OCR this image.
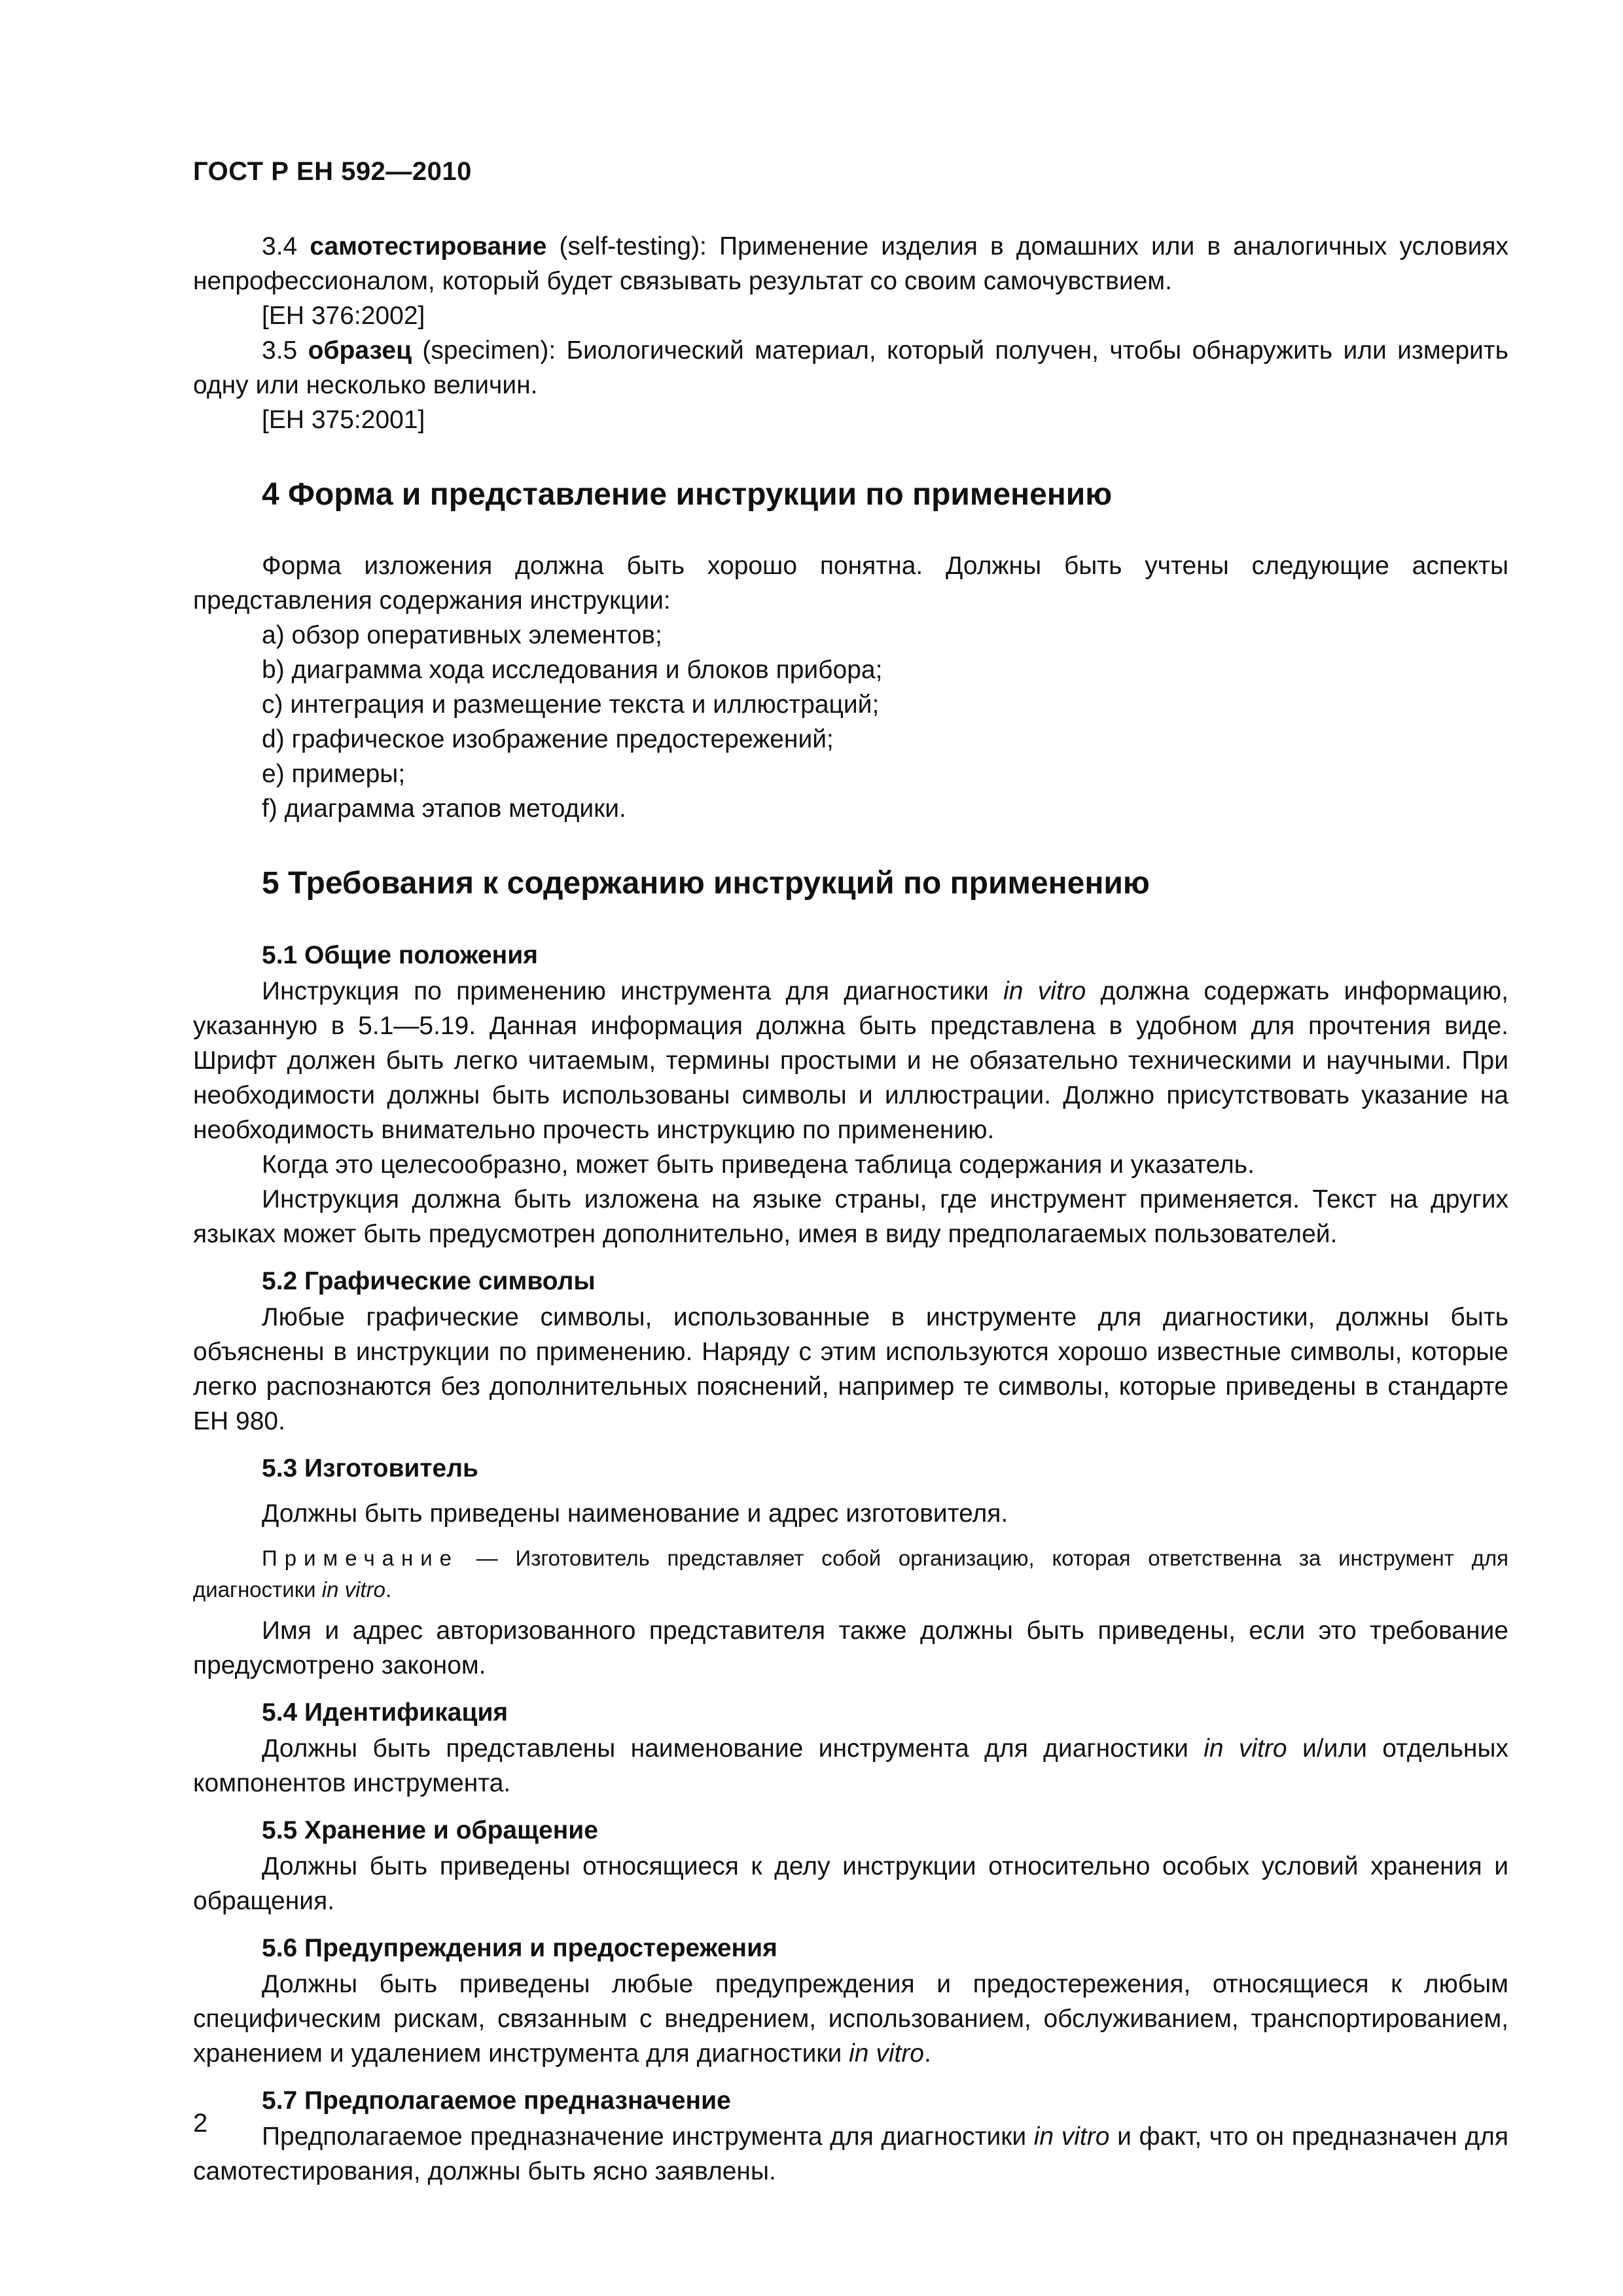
ГОСТ Р ЕН 592—2010

3.4 самотестирование (self-testing): Применение изделия в домашних или в аналогичных условиях непрофессионалом, который будет связывать результат со своим самочувствием.

[ЕН 376:2002]

3.5 образец (specimen): Биологический материал, который получен, чтобы обнаружить или измерить одну или несколько величин.

[ЕН 375:2001]

4 Форма и представление инструкции по применению

Форма изложения должна быть хорошо понятна. Должны быть учтены следующие аспекты представления содержания инструкции:

a) обзор оперативных элементов;

b) диаграмма хода исследования и блоков прибора;

c) интеграция и размещение текста и иллюстраций;

d) графическое изображение предостережений;

e) примеры;

f) диаграмма этапов методики.

5 Требования к содержанию инструкций по применению
5.1 Общие положения

Инструкция по применению инструмента для диагностики in vitro должна содержать информацию, указанную в 5.1—5.19. Данная информация должна быть представлена в удобном для прочтения виде. Шрифт должен быть легко читаемым, термины простыми и не обязательно техническими и научными. При необходимости должны быть использованы символы и иллюстрации. Должно присутствовать указание на необходимость внимательно прочесть инструкцию по применению.

Когда это целесообразно, может быть приведена таблица содержания и указатель.

Инструкция должна быть изложена на языке страны, где инструмент применяется. Текст на других языках может быть предусмотрен дополнительно, имея в виду предполагаемых пользователей.

5.2 Графические символы

Любые графические символы, использованные в инструменте для диагностики, должны быть объяснены в инструкции по применению. Наряду с этим используются хорошо известные символы, которые легко распознаются без дополнительных пояснений, например те символы, которые приведены в стандарте ЕН 980.

5.3 Изготовитель

Должны быть приведены наименование и адрес изготовителя.

Примечание — Изготовитель представляет собой организацию, которая ответственна за инструмент для диагностики in vitro.

Имя и адрес авторизованного представителя также должны быть приведены, если это требование предусмотрено законом.

5.4 Идентификация

Должны быть представлены наименование инструмента для диагностики in vitro и/или отдельных компонентов инструмента.

5.5 Хранение и обращение

Должны быть приведены относящиеся к делу инструкции относительно особых условий хранения и обращения.

5.6 Предупреждения и предостережения

Должны быть приведены любые предупреждения и предостережения, относящиеся к любым специфическим рискам, связанным с внедрением, использованием, обслуживанием, транспортированием, хранением и удалением инструмента для диагностики in vitro.

5.7 Предполагаемое предназначение

Предполагаемое предназначение инструмента для диагностики in vitro и факт, что он предназначен для самотестирования, должны быть ясно заявлены.

2
